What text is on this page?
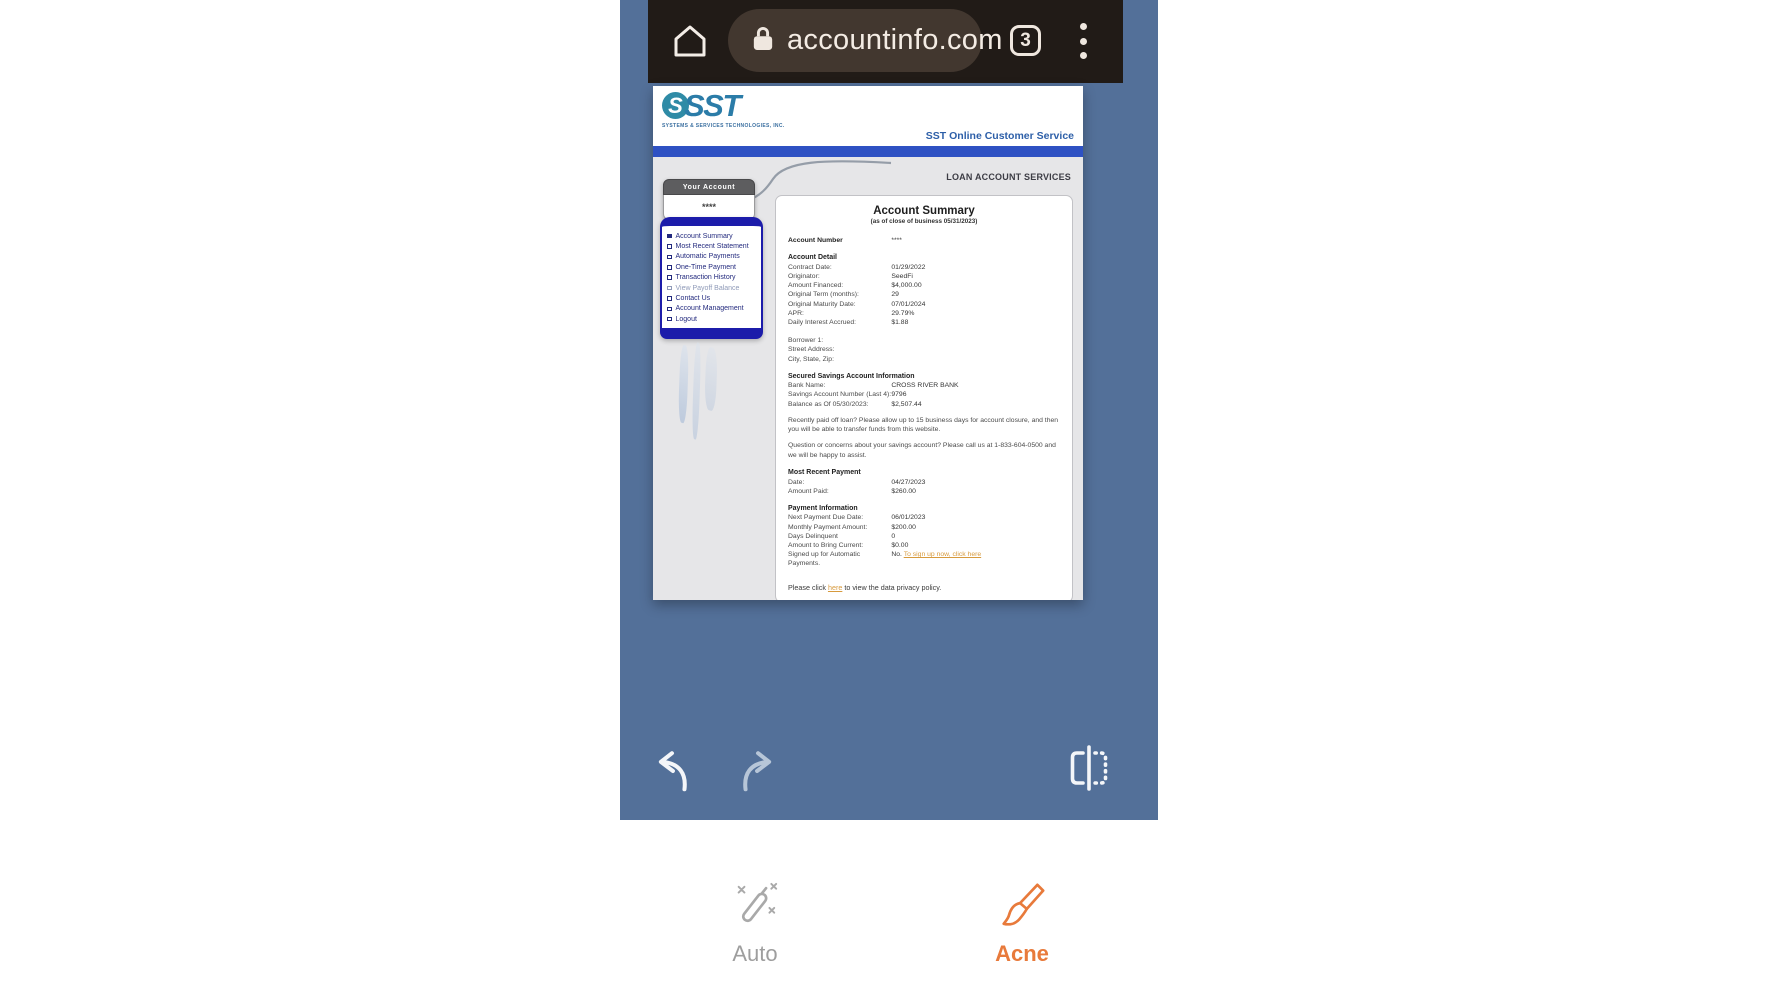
accountinfo.com 3
S SST
SYSTEMS & SERVICES TECHNOLOGIES, INC.
SST Online Customer Service
LOAN ACCOUNT SERVICES
Your Account
****
Account Summary
Most Recent Statement
Automatic Payments
One-Time Payment
Transaction History
View Payoff Balance
Contact Us
Account Management
Logout
Account Summary
(as of close of business 05/31/2023)
Account Number	****
Account Detail
Contract Date:	01/29/2022
Originator:	SeedFi
Amount Financed:	$4,000.00
Original Term (months):	29
Original Maturity Date:	07/01/2024
APR:	29.79%
Daily Interest Accrued:	$1.88
Borrower 1:
Street Address:
City, State, Zip:
Secured Savings Account Information
Bank Name:	CROSS RIVER BANK
Savings Account Number (Last 4): 9796
Balance as Of 05/30/2023:	$2,507.44
Recently paid off loan? Please allow up to 15 business days for account closure, and then you will be able to transfer funds from this website.
Question or concerns about your savings account? Please call us at 1-833-604-0500 and we will be happy to assist.
Most Recent Payment
Date:	04/27/2023
Amount Paid:	$260.00
Payment Information
Next Payment Due Date:	06/01/2023
Monthly Payment Amount:	$200.00
Days Delinquent	0
Amount to Bring Current:	$0.00
Signed up for Automatic Payments.
No. To sign up now, click here
Please click here to view the data privacy policy.
Auto	Acne
